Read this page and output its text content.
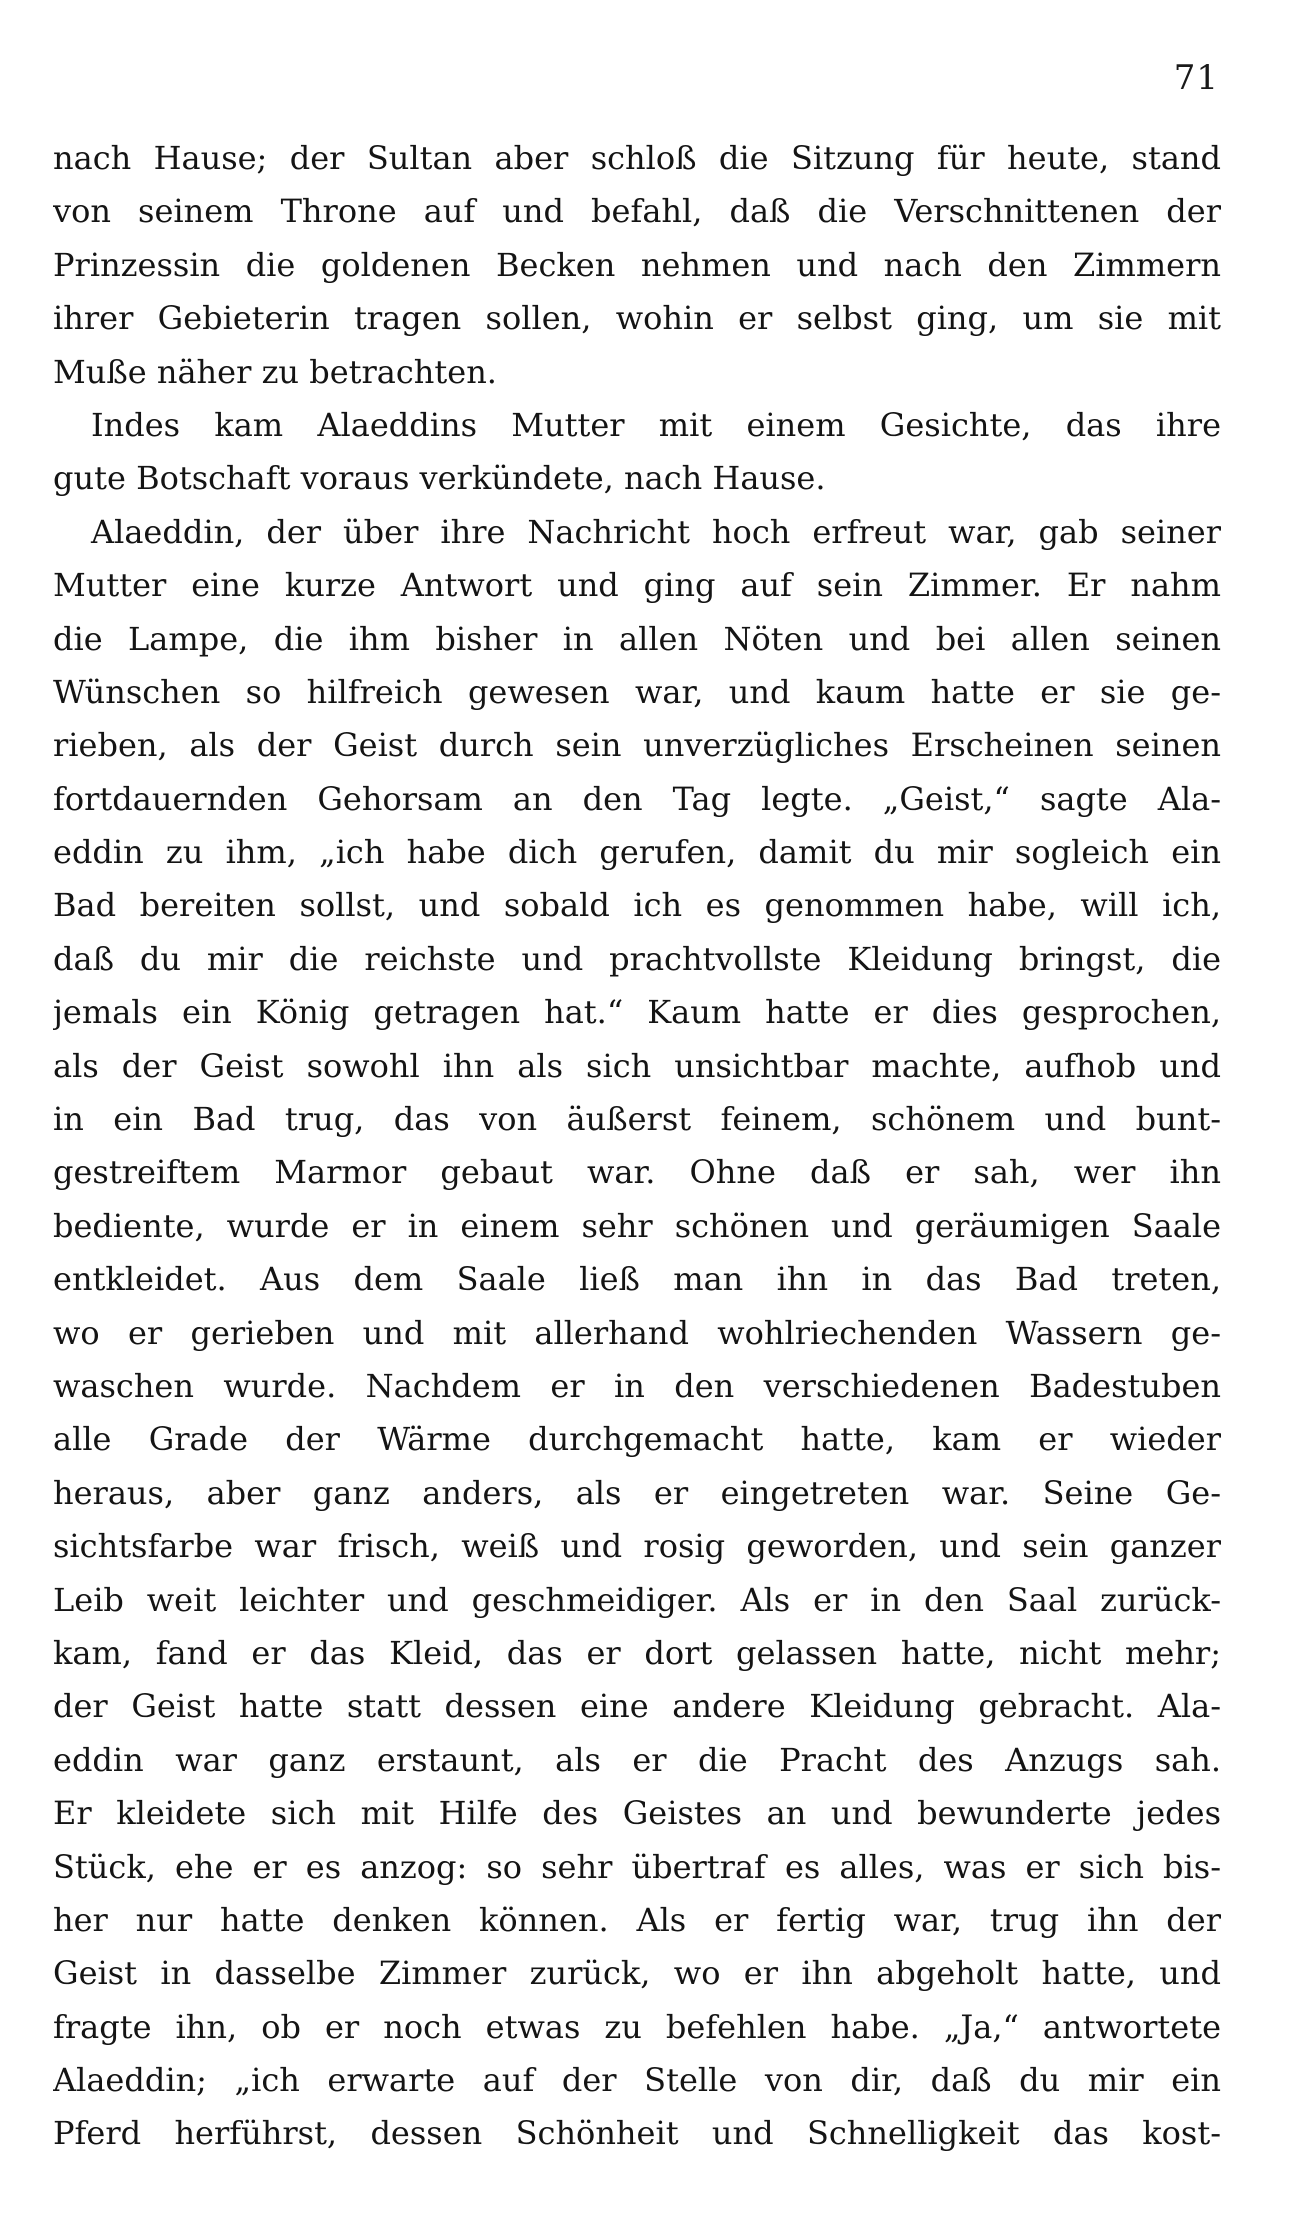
71
nach Hause; der Sultan aber schloß die Sitzung für heute, stand
von seinem Throne auf und befahl, daß die Verschnittenen der
Prinzessin die goldenen Becken nehmen und nach den Zimmern
ihrer Gebieterin tragen sollen, wohin er selbst ging, um sie mit
Muße näher zu betrachten.
Indes kam Alaeddins Mutter mit einem Gesichte, das ihre
gute Botschaft voraus verkündete, nach Hause.
Alaeddin, der über ihre Nachricht hoch erfreut war, gab seiner
Mutter eine kurze Antwort und ging auf sein Zimmer. Er nahm
die Lampe, die ihm bisher in allen Nöten und bei allen seinen
Wünschen so hilfreich gewesen war, und kaum hatte er sie ge-
rieben, als der Geist durch sein unverzügliches Erscheinen seinen
fortdauernden Gehorsam an den Tag legte. „Geist,“ sagte Ala-
eddin zu ihm, „ich habe dich gerufen, damit du mir sogleich ein
Bad bereiten sollst, und sobald ich es genommen habe, will ich,
daß du mir die reichste und prachtvollste Kleidung bringst, die
jemals ein König getragen hat.“ Kaum hatte er dies gesprochen,
als der Geist sowohl ihn als sich unsichtbar machte, aufhob und
in ein Bad trug, das von äußerst feinem, schönem und bunt-
gestreiftem Marmor gebaut war. Ohne daß er sah, wer ihn
bediente, wurde er in einem sehr schönen und geräumigen Saale
entkleidet. Aus dem Saale ließ man ihn in das Bad treten,
wo er gerieben und mit allerhand wohlriechenden Wassern ge-
waschen wurde. Nachdem er in den verschiedenen Badestuben
alle Grade der Wärme durchgemacht hatte, kam er wieder
heraus, aber ganz anders, als er eingetreten war. Seine Ge-
sichtsfarbe war frisch, weiß und rosig geworden, und sein ganzer
Leib weit leichter und geschmeidiger. Als er in den Saal zurück-
kam, fand er das Kleid, das er dort gelassen hatte, nicht mehr;
der Geist hatte statt dessen eine andere Kleidung gebracht. Ala-
eddin war ganz erstaunt, als er die Pracht des Anzugs sah.
Er kleidete sich mit Hilfe des Geistes an und bewunderte jedes
Stück, ehe er es anzog: so sehr übertraf es alles, was er sich bis-
her nur hatte denken können. Als er fertig war, trug ihn der
Geist in dasselbe Zimmer zurück, wo er ihn abgeholt hatte, und
fragte ihn, ob er noch etwas zu befehlen habe. „Ja,“ antwortete
Alaeddin; „ich erwarte auf der Stelle von dir, daß du mir ein
Pferd herführst, dessen Schönheit und Schnelligkeit das kost-
